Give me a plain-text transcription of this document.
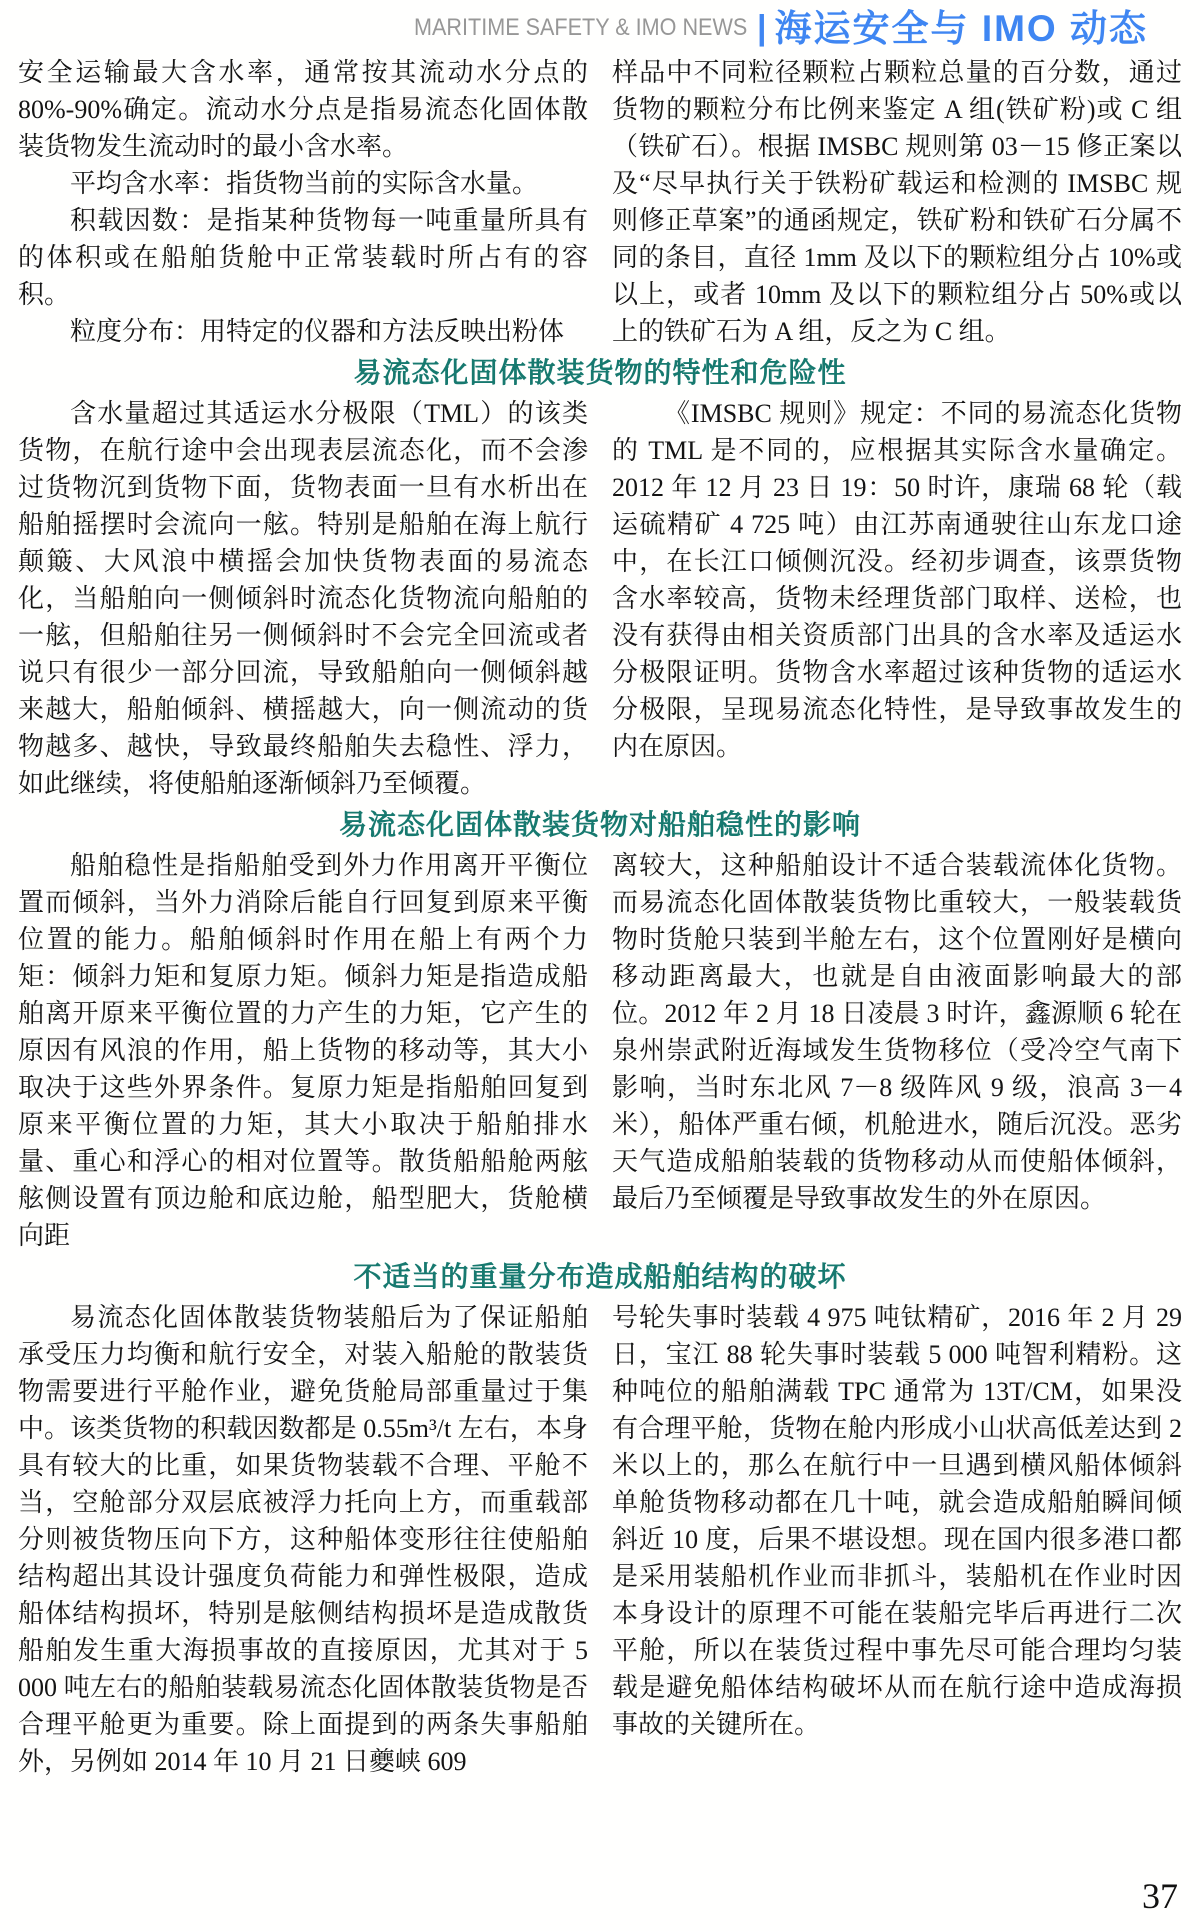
MARITIME SAFETY & IMO NEWS | 海运安全与 IMO 动态

安全运输最大含水率，通常按其流动水分点的80%-90%确定。流动水分点是指易流态化固体散装货物发生流动时的最小含水率。

平均含水率：指货物当前的实际含水量。

积载因数：是指某种货物每一吨重量所具有的体积或在船舶货舱中正常装载时所占有的容积。

粒度分布：用特定的仪器和方法反映出粉体

样品中不同粒径颗粒占颗粒总量的百分数，通过货物的颗粒分布比例来鉴定 A 组(铁矿粉)或 C 组（铁矿石）。根据 IMSBC 规则第 03－15 修正案以及“尽早执行关于铁粉矿载运和检测的 IMSBC 规则修正草案”的通函规定，铁矿粉和铁矿石分属不同的条目，直径 1mm 及以下的颗粒组分占 10%或以上，或者 10mm 及以下的颗粒组分占 50%或以上的铁矿石为 A 组，反之为 C 组。

易流态化固体散装货物的特性和危险性

含水量超过其适运水分极限（TML）的该类货物，在航行途中会出现表层流态化，而不会渗过货物沉到货物下面，货物表面一旦有水析出在船舶摇摆时会流向一舷。特别是船舶在海上航行颠簸、大风浪中横摇会加快货物表面的易流态化，当船舶向一侧倾斜时流态化货物流向船舶的一舷，但船舶往另一侧倾斜时不会完全回流或者说只有很少一部分回流，导致船舶向一侧倾斜越来越大，船舶倾斜、横摇越大，向一侧流动的货物越多、越快，导致最终船舶失去稳性、浮力，如此继续，将使船舶逐渐倾斜乃至倾覆。

《IMSBC 规则》规定：不同的易流态化货物的 TML 是不同的，应根据其实际含水量确定。2012 年 12 月 23 日 19：50 时许，康瑞 68 轮（载运硫精矿 4 725 吨）由江苏南通驶往山东龙口途中，在长江口倾侧沉没。经初步调查，该票货物含水率较高，货物未经理货部门取样、送检，也没有获得由相关资质部门出具的含水率及适运水分极限证明。货物含水率超过该种货物的适运水分极限，呈现易流态化特性，是导致事故发生的内在原因。

易流态化固体散装货物对船舶稳性的影响

船舶稳性是指船舶受到外力作用离开平衡位置而倾斜，当外力消除后能自行回复到原来平衡位置的能力。船舶倾斜时作用在船上有两个力矩：倾斜力矩和复原力矩。倾斜力矩是指造成船舶离开原来平衡位置的力产生的力矩，它产生的原因有风浪的作用，船上货物的移动等，其大小取决于这些外界条件。复原力矩是指船舶回复到原来平衡位置的力矩，其大小取决于船舶排水量、重心和浮心的相对位置等。散货船船舱两舷舷侧设置有顶边舱和底边舱，船型肥大，货舱横向距

离较大，这种船舶设计不适合装载流体化货物。而易流态化固体散装货物比重较大，一般装载货物时货舱只装到半舱左右，这个位置刚好是横向移动距离最大，也就是自由液面影响最大的部位。2012 年 2 月 18 日凌晨 3 时许，鑫源顺 6 轮在泉州崇武附近海域发生货物移位（受冷空气南下影响，当时东北风 7－8 级阵风 9 级，浪高 3－4 米），船体严重右倾，机舱进水，随后沉没。恶劣天气造成船舶装载的货物移动从而使船体倾斜，最后乃至倾覆是导致事故发生的外在原因。

不适当的重量分布造成船舶结构的破坏

易流态化固体散装货物装船后为了保证船舶承受压力均衡和航行安全，对装入船舱的散装货物需要进行平舱作业，避免货舱局部重量过于集中。该类货物的积载因数都是 0.55m³/t 左右，本身具有较大的比重，如果货物装载不合理、平舱不当，空舱部分双层底被浮力托向上方，而重载部分则被货物压向下方，这种船体变形往往使船舶结构超出其设计强度负荷能力和弹性极限，造成船体结构损坏，特别是舷侧结构损坏是造成散货船舶发生重大海损事故的直接原因，尤其对于 5 000 吨左右的船舶装载易流态化固体散装货物是否合理平舱更为重要。除上面提到的两条失事船舶外，另例如 2014 年 10 月 21 日夔峡 609

号轮失事时装载 4 975 吨钛精矿，2016 年 2 月 29 日，宝江 88 轮失事时装载 5 000 吨智利精粉。这种吨位的船舶满载 TPC 通常为 13T/CM，如果没有合理平舱，货物在舱内形成小山状高低差达到 2 米以上的，那么在航行中一旦遇到横风船体倾斜单舱货物移动都在几十吨，就会造成船舶瞬间倾斜近 10 度，后果不堪设想。现在国内很多港口都是采用装船机作业而非抓斗，装船机在作业时因本身设计的原理不可能在装船完毕后再进行二次平舱，所以在装货过程中事先尽可能合理均匀装载是避免船体结构破坏从而在航行途中造成海损事故的关键所在。

37
